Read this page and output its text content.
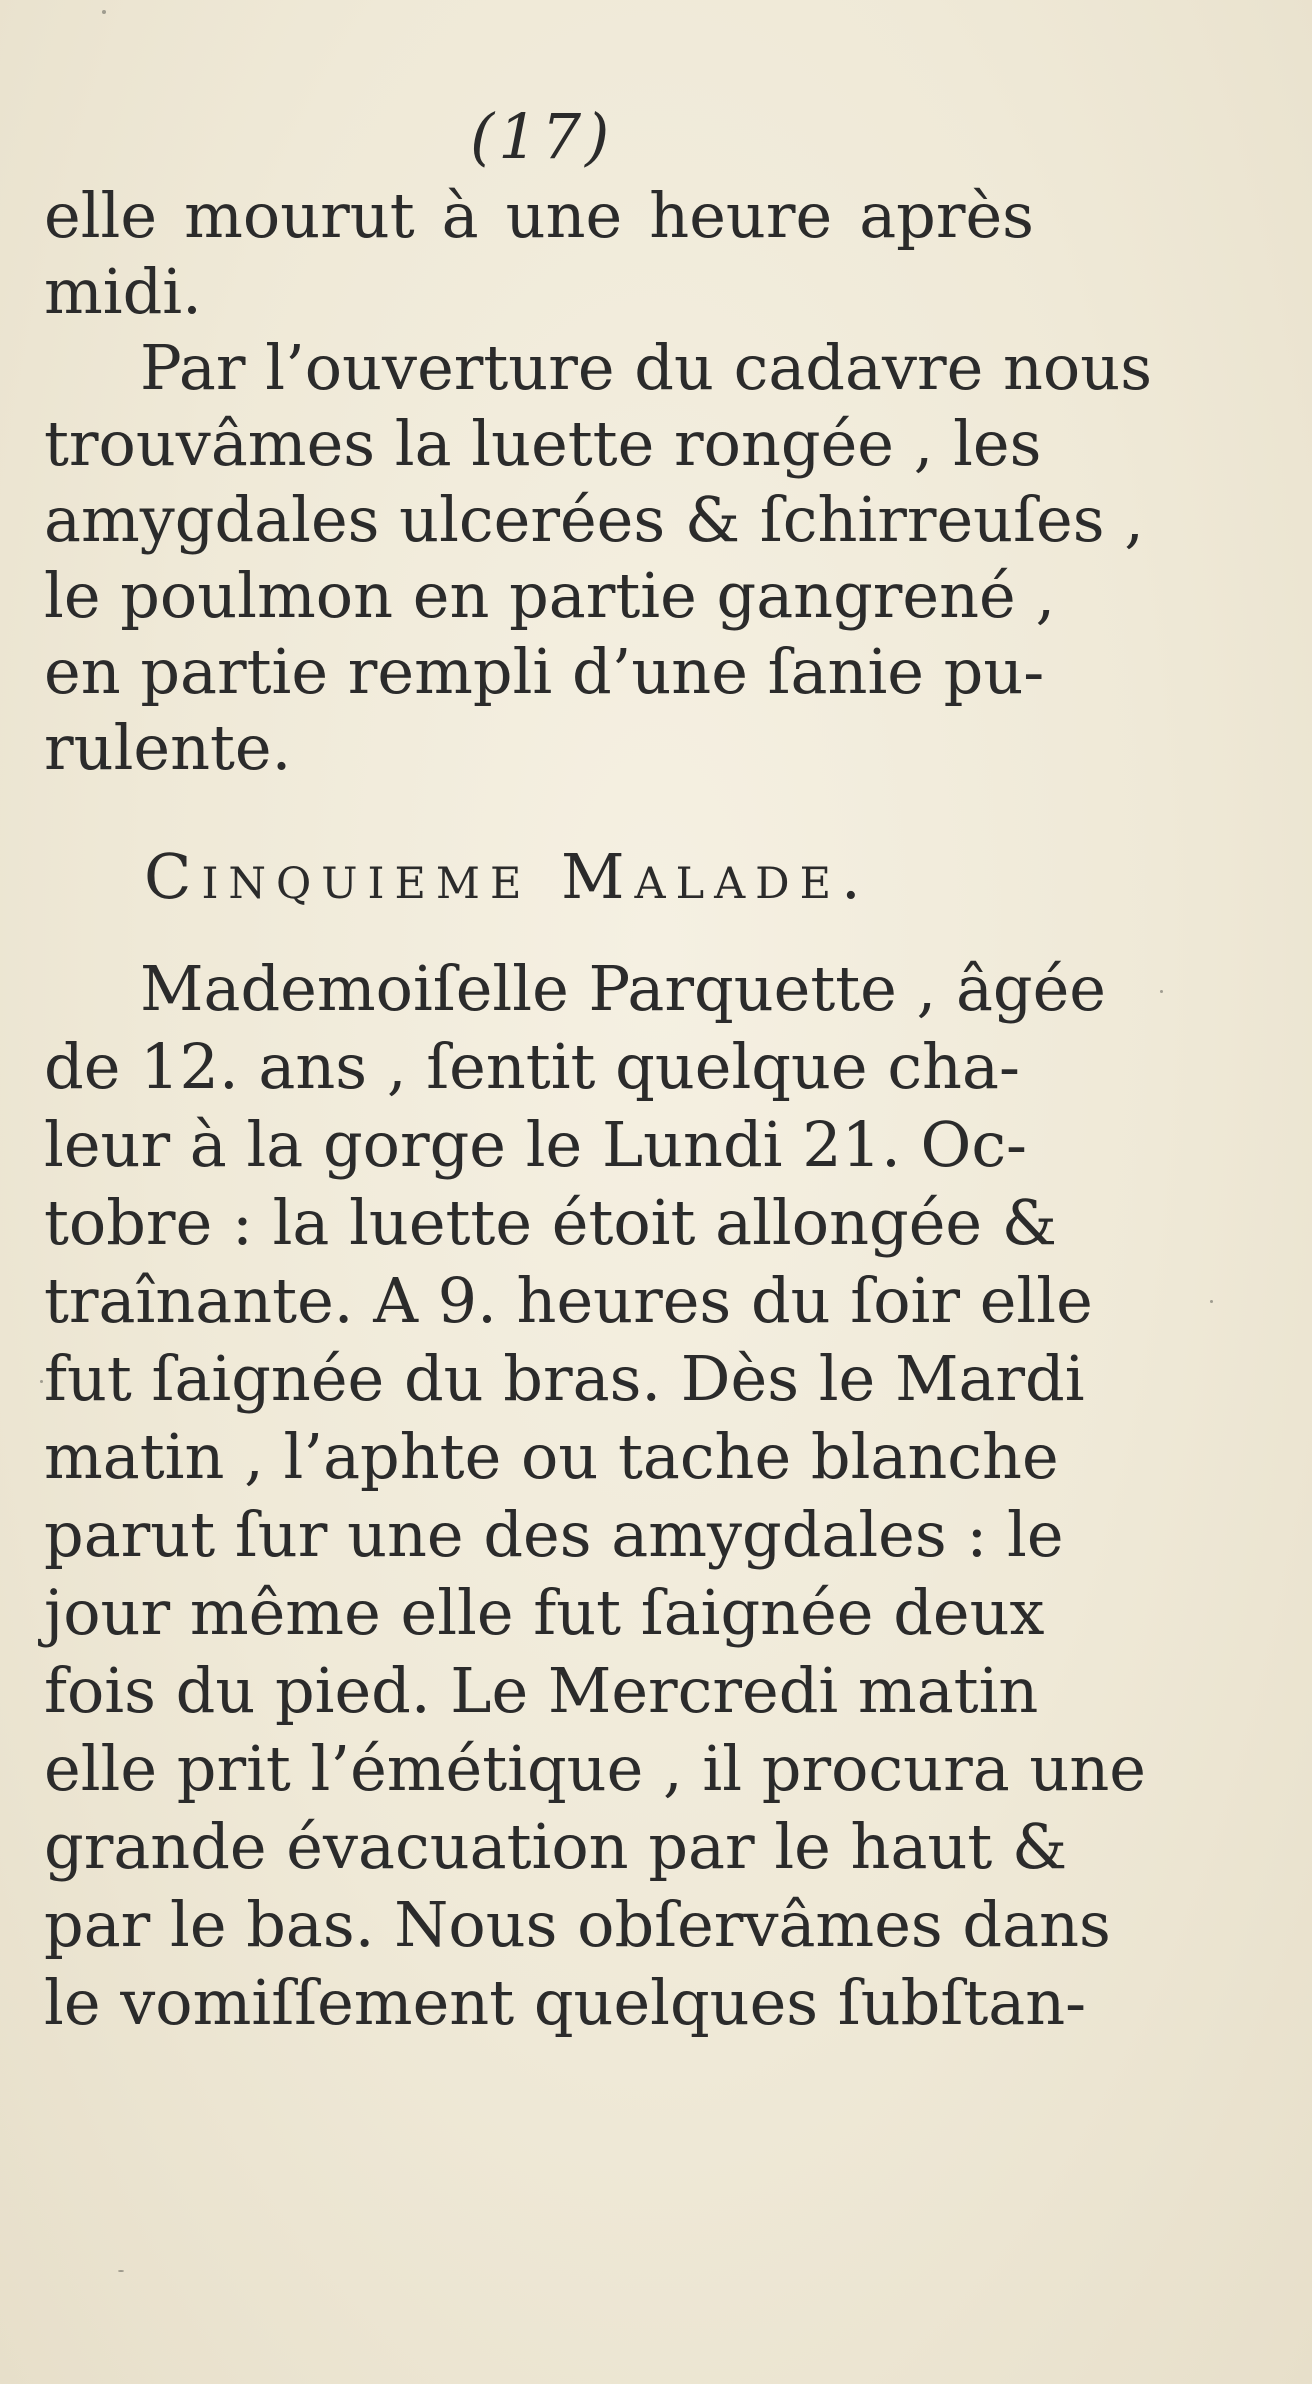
(17)
elle mourut à une heure après
midi.
Par l’ouverture du cadavre nous
trouvâmes la luette rongée , les
amygdales ulcerées & ſchirreuſes ,
le poulmon en partie gangrené ,
en partie rempli d’une ſanie pu-
rulente.
Cinquieme Malade.
Mademoiſelle Parquette , âgée
de 12. ans , ſentit quelque cha-
leur à la gorge le Lundi 21. Oc-
tobre : la luette étoit allongée &
traînante. A 9. heures du ſoir elle
fut ſaignée du bras. Dès le Mardi
matin , l’aphte ou tache blanche
parut ſur une des amygdales : le
jour même elle fut ſaignée deux
fois du pied. Le Mercredi matin
elle prit l’émétique , il procura une
grande évacuation par le haut &
par le bas. Nous obſervâmes dans
le vomiſſement quelques ſubſtan-
